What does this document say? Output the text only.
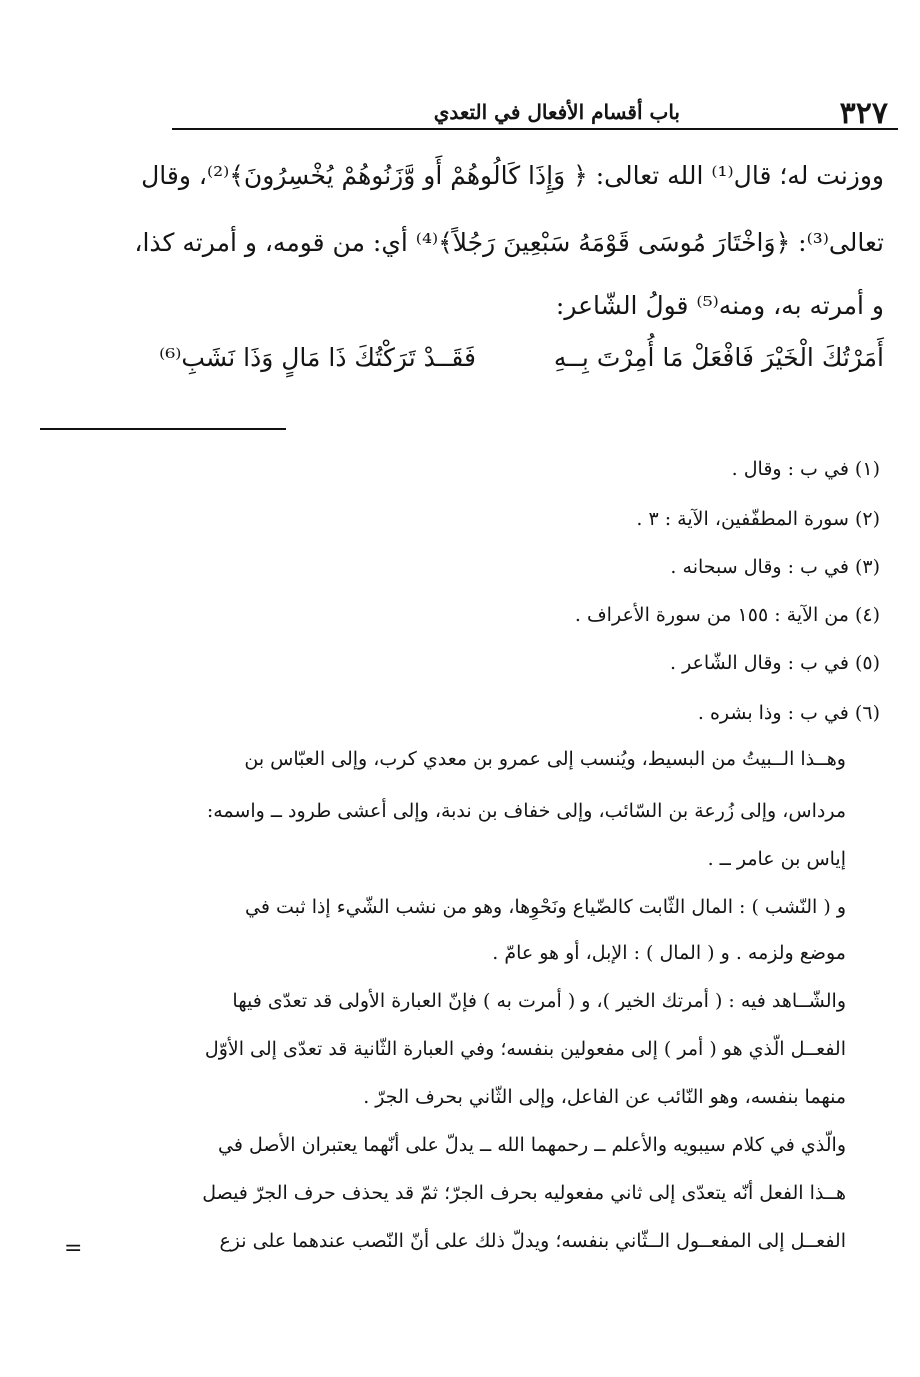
٣٢٧
باب أقسام الأفعال في التعدي
ووزنت له؛ قال⁽¹⁾ الله تعالى: ﴿ وَإِذَا كَالُوهُمْ أَو وَّزَنُوهُمْ يُخْسِرُونَ﴾⁽²⁾، وقال
تعالى⁽³⁾: ﴿وَاخْتَارَ مُوسَى قَوْمَهُ سَبْعِينَ رَجُلاً﴾⁽⁴⁾ أي: من قومه، و أمرته كذا،
و أمرته به، ومنه⁽⁵⁾ قولُ الشّاعر:
أَمَرْتُكَ الْخَيْرَ فَافْعَلْ مَا أُمِرْتَ بِــهِ
فَقَــدْ تَرَكْتُكَ ذَا مَالٍ وَذَا نَشَبِ⁽⁶⁾
(١) في ب : وقال .
(٢) سورة المطفّفين، الآية : ٣ .
(٣) في ب : وقال سبحانه .
(٤) من الآية : ١٥٥ من سورة الأعراف .
(٥) في ب : وقال الشّاعر .
(٦) في ب : وذا بشره .
وهــذا الــبيتُ من البسيط، ويُنسب إلى عمرو بن معدي كرب، وإلى العبّاس بن
مرداس، وإلى زُرعة بن السّائب، وإلى خفاف بن ندبة، وإلى أعشى طرود ــ واسمه:
إياس بن عامر ــ .
و ( النّشب ) : المال الثّابت كالضّياع ونَحْوِها، وهو من نشب الشّيء إذا ثبت في
موضع ولزمه . و ( المال ) : الإبل، أو هو عامّ .
والشّــاهد فيه : ( أمرتك الخير )، و ( أمرت به ) فإنّ العبارة الأولى قد تعدّى فيها
الفعــل الّذي هو ( أمر ) إلى مفعولين بنفسه؛ وفي العبارة الثّانية قد تعدّى إلى الأوّل
منهما بنفسه، وهو النّائب عن الفاعل، وإلى الثّاني بحرف الجرّ .
والّذي في كلام سيبويه والأعلم ــ رحمهما الله ــ يدلّ على أنّهما يعتبران الأصل في
هــذا الفعل أنّه يتعدّى إلى ثاني مفعوليه بحرف الجرّ؛ ثمّ قد يحذف حرف الجرّ فيصل
الفعــل إلى المفعــول الــثّاني بنفسه؛ ويدلّ ذلك على أنّ النّصب عندهما على نزع
=
